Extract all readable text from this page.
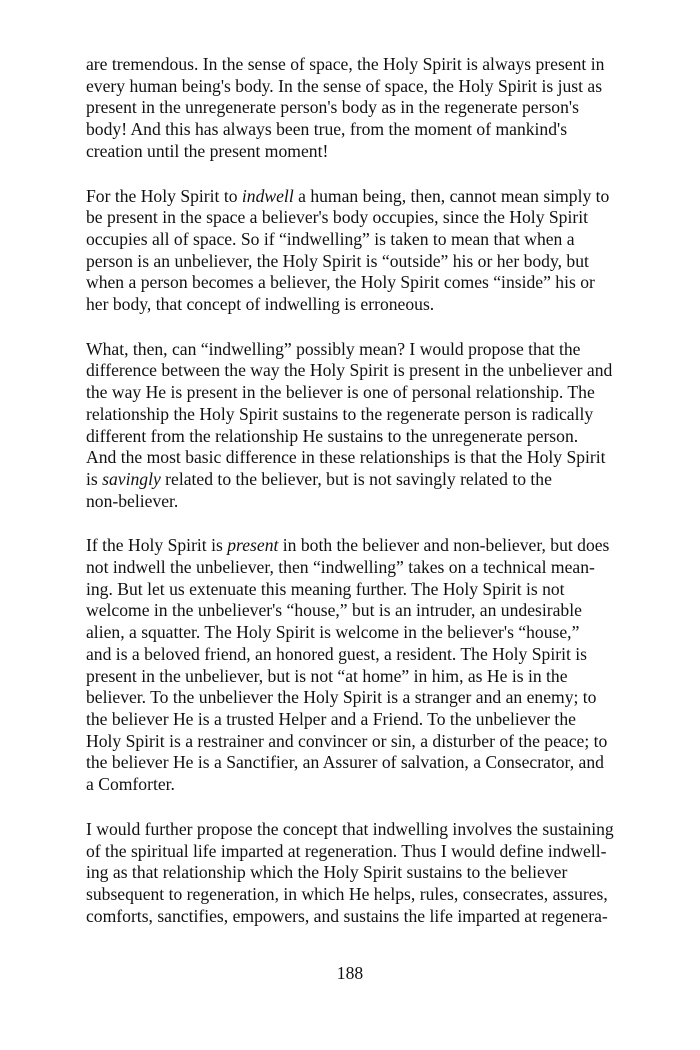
are tremendous. In the sense of space, the Holy Spirit is always present in
every human being's body. In the sense of space, the Holy Spirit is just as
present in the unregenerate person's body as in the regenerate person's
body! And this has always been true, from the moment of mankind's
creation until the present moment!

For the Holy Spirit to indwell a human being, then, cannot mean simply to
be present in the space a believer's body occupies, since the Holy Spirit
occupies all of space. So if “indwelling” is taken to mean that when a
person is an unbeliever, the Holy Spirit is “outside” his or her body, but
when a person becomes a believer, the Holy Spirit comes “inside” his or
her body, that concept of indwelling is erroneous.

What, then, can “indwelling” possibly mean? I would propose that the
difference between the way the Holy Spirit is present in the unbeliever and
the way He is present in the believer is one of personal relationship. The
relationship the Holy Spirit sustains to the regenerate person is radically
different from the relationship He sustains to the unregenerate person.
And the most basic difference in these relationships is that the Holy Spirit
is savingly related to the believer, but is not savingly related to the
non-believer.

If the Holy Spirit is present in both the believer and non-believer, but does
not indwell the unbeliever, then “indwelling” takes on a technical mean-
ing. But let us extenuate this meaning further. The Holy Spirit is not
welcome in the unbeliever's “house,” but is an intruder, an undesirable
alien, a squatter. The Holy Spirit is welcome in the believer's “house,”
and is a beloved friend, an honored guest, a resident. The Holy Spirit is
present in the unbeliever, but is not “at home” in him, as He is in the
believer. To the unbeliever the Holy Spirit is a stranger and an enemy; to
the believer He is a trusted Helper and a Friend. To the unbeliever the
Holy Spirit is a restrainer and convincer or sin, a disturber of the peace; to
the believer He is a Sanctifier, an Assurer of salvation, a Consecrator, and
a Comforter.

I would further propose the concept that indwelling involves the sustaining
of the spiritual life imparted at regeneration. Thus I would define indwell-
ing as that relationship which the Holy Spirit sustains to the believer
subsequent to regeneration, in which He helps, rules, consecrates, assures,
comforts, sanctifies, empowers, and sustains the life imparted at regenera-

188
